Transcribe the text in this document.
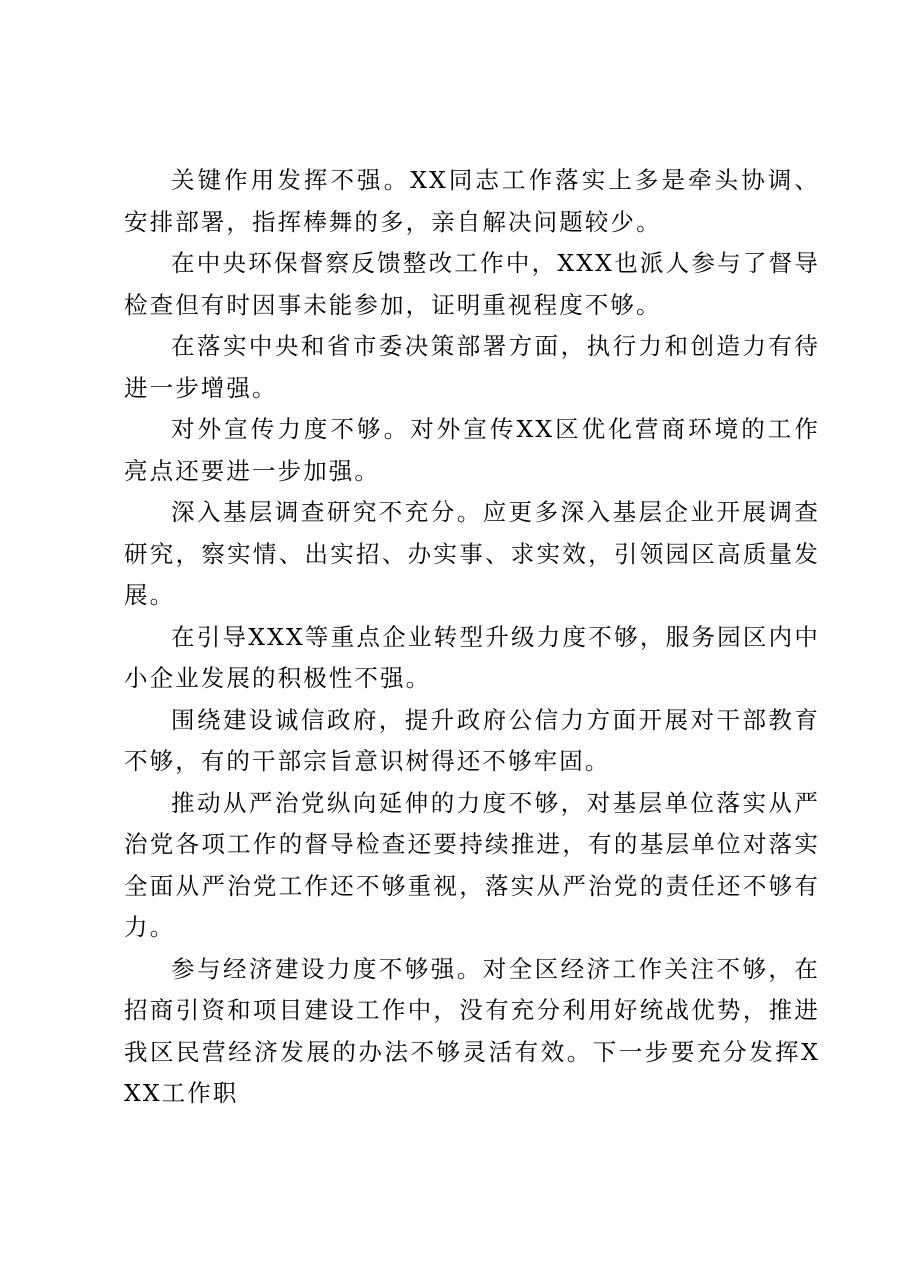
关键作用发挥不强。XX同志工作落实上多是牵头协调、安排部署，指挥棒舞的多，亲自解决问题较少。

在中央环保督察反馈整改工作中，XXX也派人参与了督导检查但有时因事未能参加，证明重视程度不够。

在落实中央和省市委决策部署方面，执行力和创造力有待进一步增强。

对外宣传力度不够。对外宣传XX区优化营商环境的工作亮点还要进一步加强。

深入基层调查研究不充分。应更多深入基层企业开展调查研究，察实情、出实招、办实事、求实效，引领园区高质量发展。

在引导XXX等重点企业转型升级力度不够，服务园区内中小企业发展的积极性不强。

围绕建设诚信政府，提升政府公信力方面开展对干部教育不够，有的干部宗旨意识树得还不够牢固。

推动从严治党纵向延伸的力度不够，对基层单位落实从严治党各项工作的督导检查还要持续推进，有的基层单位对落实全面从严治党工作还不够重视，落实从严治党的责任还不够有力。

参与经济建设力度不够强。对全区经济工作关注不够，在招商引资和项目建设工作中，没有充分利用好统战优势，推进我区民营经济发展的办法不够灵活有效。下一步要充分发挥XXX工作职
